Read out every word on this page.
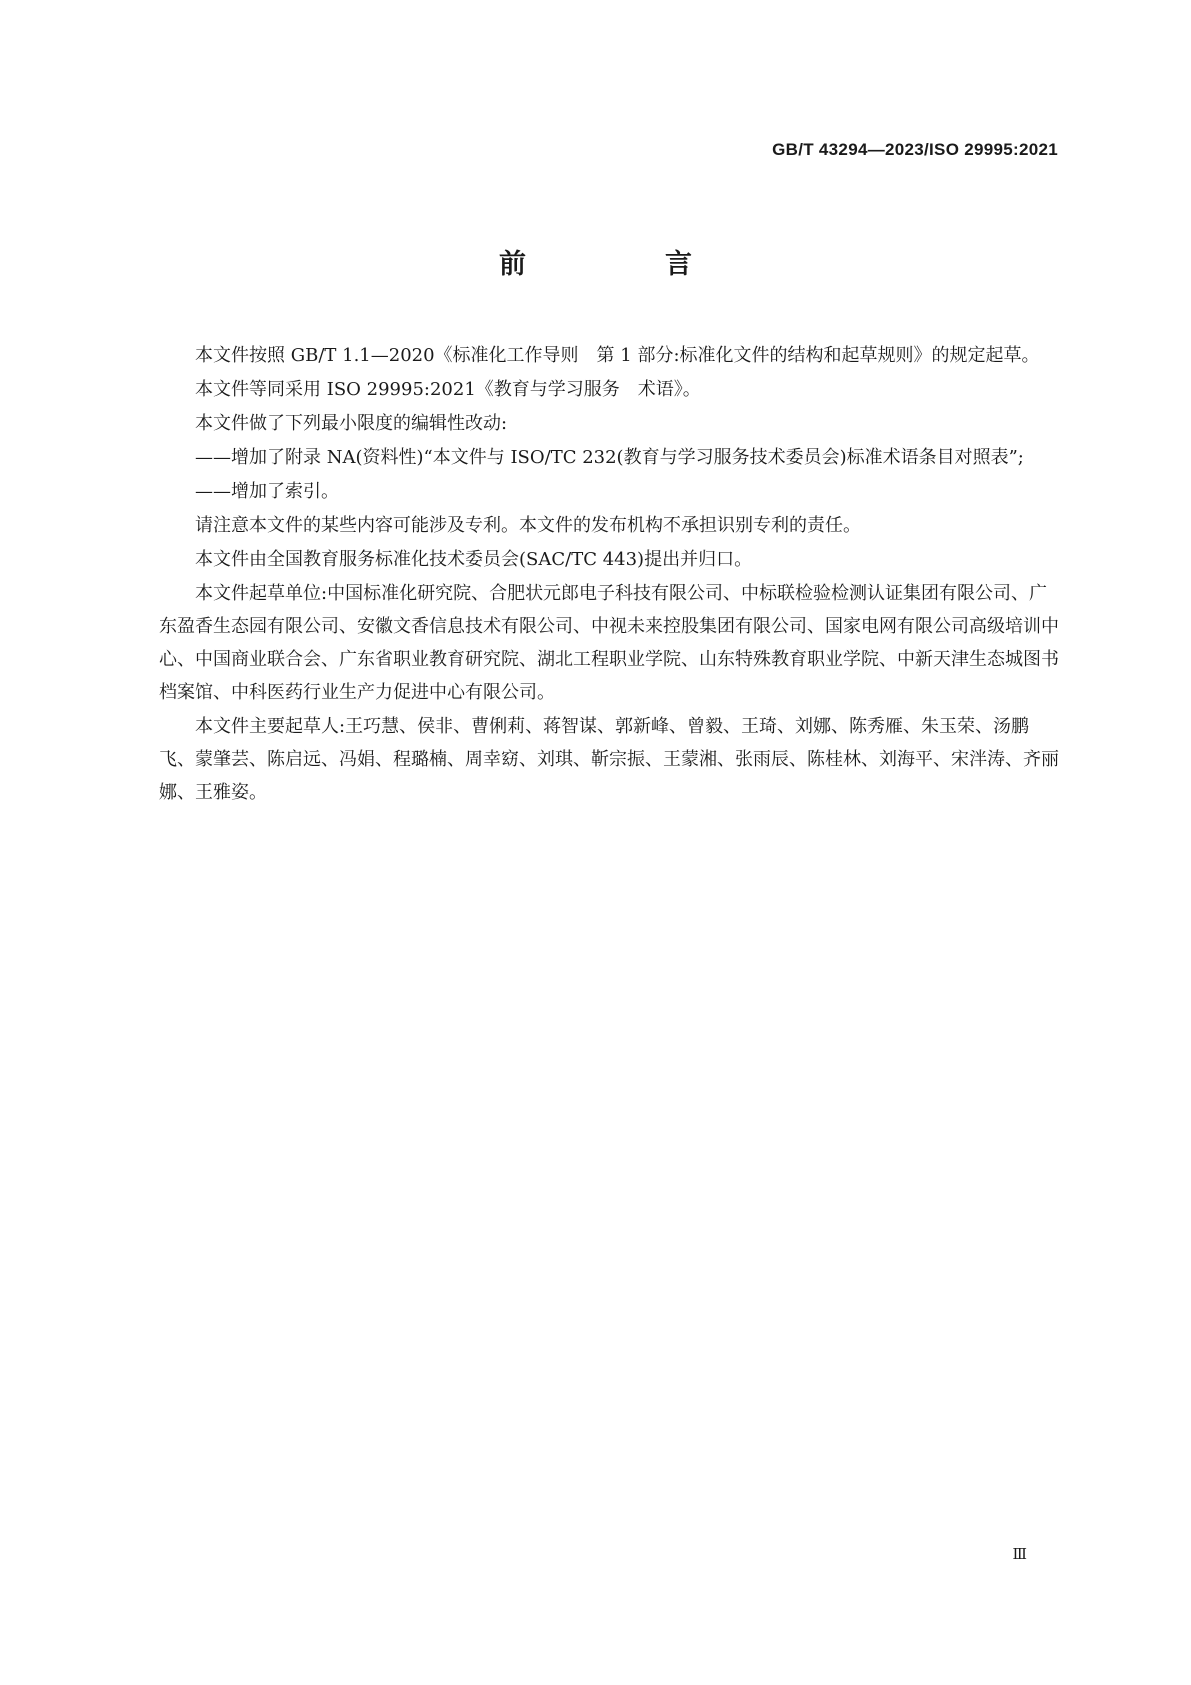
GB/T 43294—2023/ISO 29995:2021
前　言

本文件按照 GB/T 1.1—2020《标准化工作导则　第 1 部分:标准化文件的结构和起草规则》的规定起草。

本文件等同采用 ISO 29995:2021《教育与学习服务　术语》。

本文件做了下列最小限度的编辑性改动:

—— 增加了附录 NA(资料性)“本文件与 ISO/TC 232(教育与学习服务技术委员会)标准术语条目对照表”;

—— 增加了索引。

请注意本文件的某些内容可能涉及专利。本文件的发布机构不承担识别专利的责任。

本文件由全国教育服务标准化技术委员会(SAC/TC 443)提出并归口。

本文件起草单位:中国标准化研究院、合肥状元郎电子科技有限公司、中标联检验检测认证集团有限公司、广东盈香生态园有限公司、安徽文香信息技术有限公司、中视未来控股集团有限公司、国家电网有限公司高级培训中心、中国商业联合会、广东省职业教育研究院、湖北工程职业学院、山东特殊教育职业学院、中新天津生态城图书档案馆、中科医药行业生产力促进中心有限公司。

本文件主要起草人:王巧慧、侯非、曹俐莉、蒋智谋、郭新峰、曾毅、王琦、刘娜、陈秀雁、朱玉荣、汤鹏飞、蒙肇芸、陈启远、冯娟、程璐楠、周幸窈、刘琪、靳宗振、王蒙湘、张雨辰、陈桂林、刘海平、宋泮涛、齐丽娜、王雅姿。

Ⅲ
